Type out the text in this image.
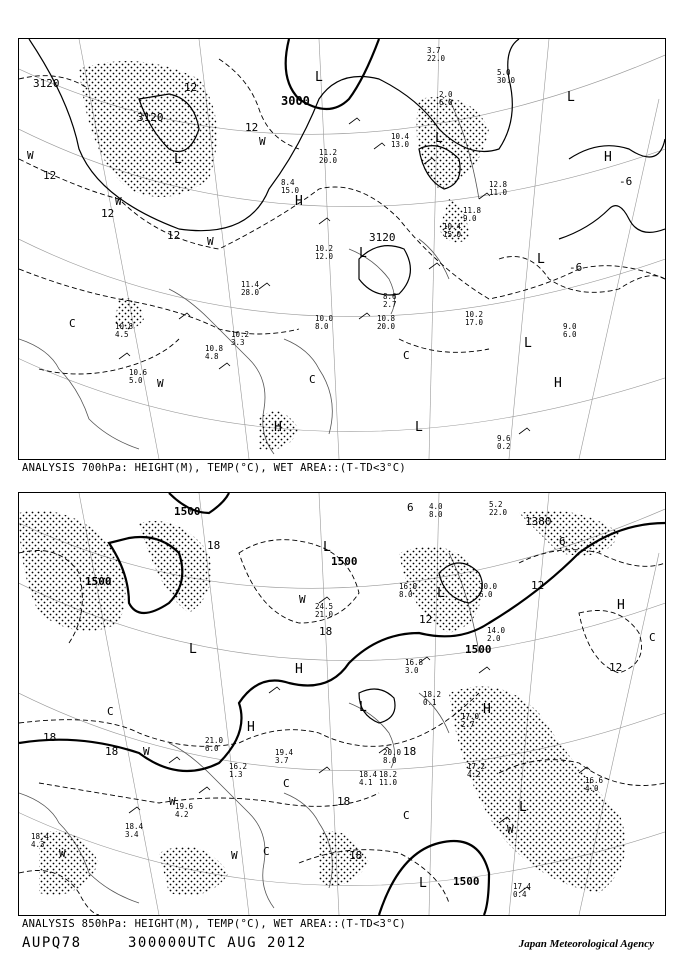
3120
3120
3000
3120
12
12
12
12
12
-6
-6
L
L
L
L	L
L
L
L
H
H
H
H
W
W
W
W
W
C
C
C
2.0
6.0
5.0
30.0
3.7
22.0
10.4
13.0
11.2
20.0
8.4
15.0
10.2
12.0
10.4
15.0
10.2
17.0	9.0
6.0
9.6
0.2
10.8
4.5
10.6
5.0
10.8
4.8
10.2
3.3
10.8
20.0
10.0
8.0
11.4
28.0	8.6
2.7
11.8
9.0
12.8
11.0
ANALYSIS 700hPa: HEIGHT(M), TEMP(°C), WET AREA::(T-TD<3°C)
1500
1500
1500
1500
1500
1380
18
18
18
18	18
18
18
12
12
12
6
6
L
L
L
L
L
L
H
H
H
H
W
W
W
W
W
W
C
C
C
C
C
4.0
8.0
5.2
22.0
16.0
8.0
10.0
6.0
14.0
2.0
16.8
3.0
18.2
0.1
17.0
2.7
17.2
4.2
16.6
4.0
17.4
0.4
18.4
4.1
18.4
3.4
18.4
4.3
19.6
4.2
19.4
3.7
20.0
8.0
21.0
6.0
18.2
11.0
16.2
1.3
24.5
21.0
ANALYSIS 850hPa: HEIGHT(M), TEMP(°C), WET AREA::(T-TD<3°C)
AUPQ78	300000UTC AUG 2012	Japan Meteorological Agency
